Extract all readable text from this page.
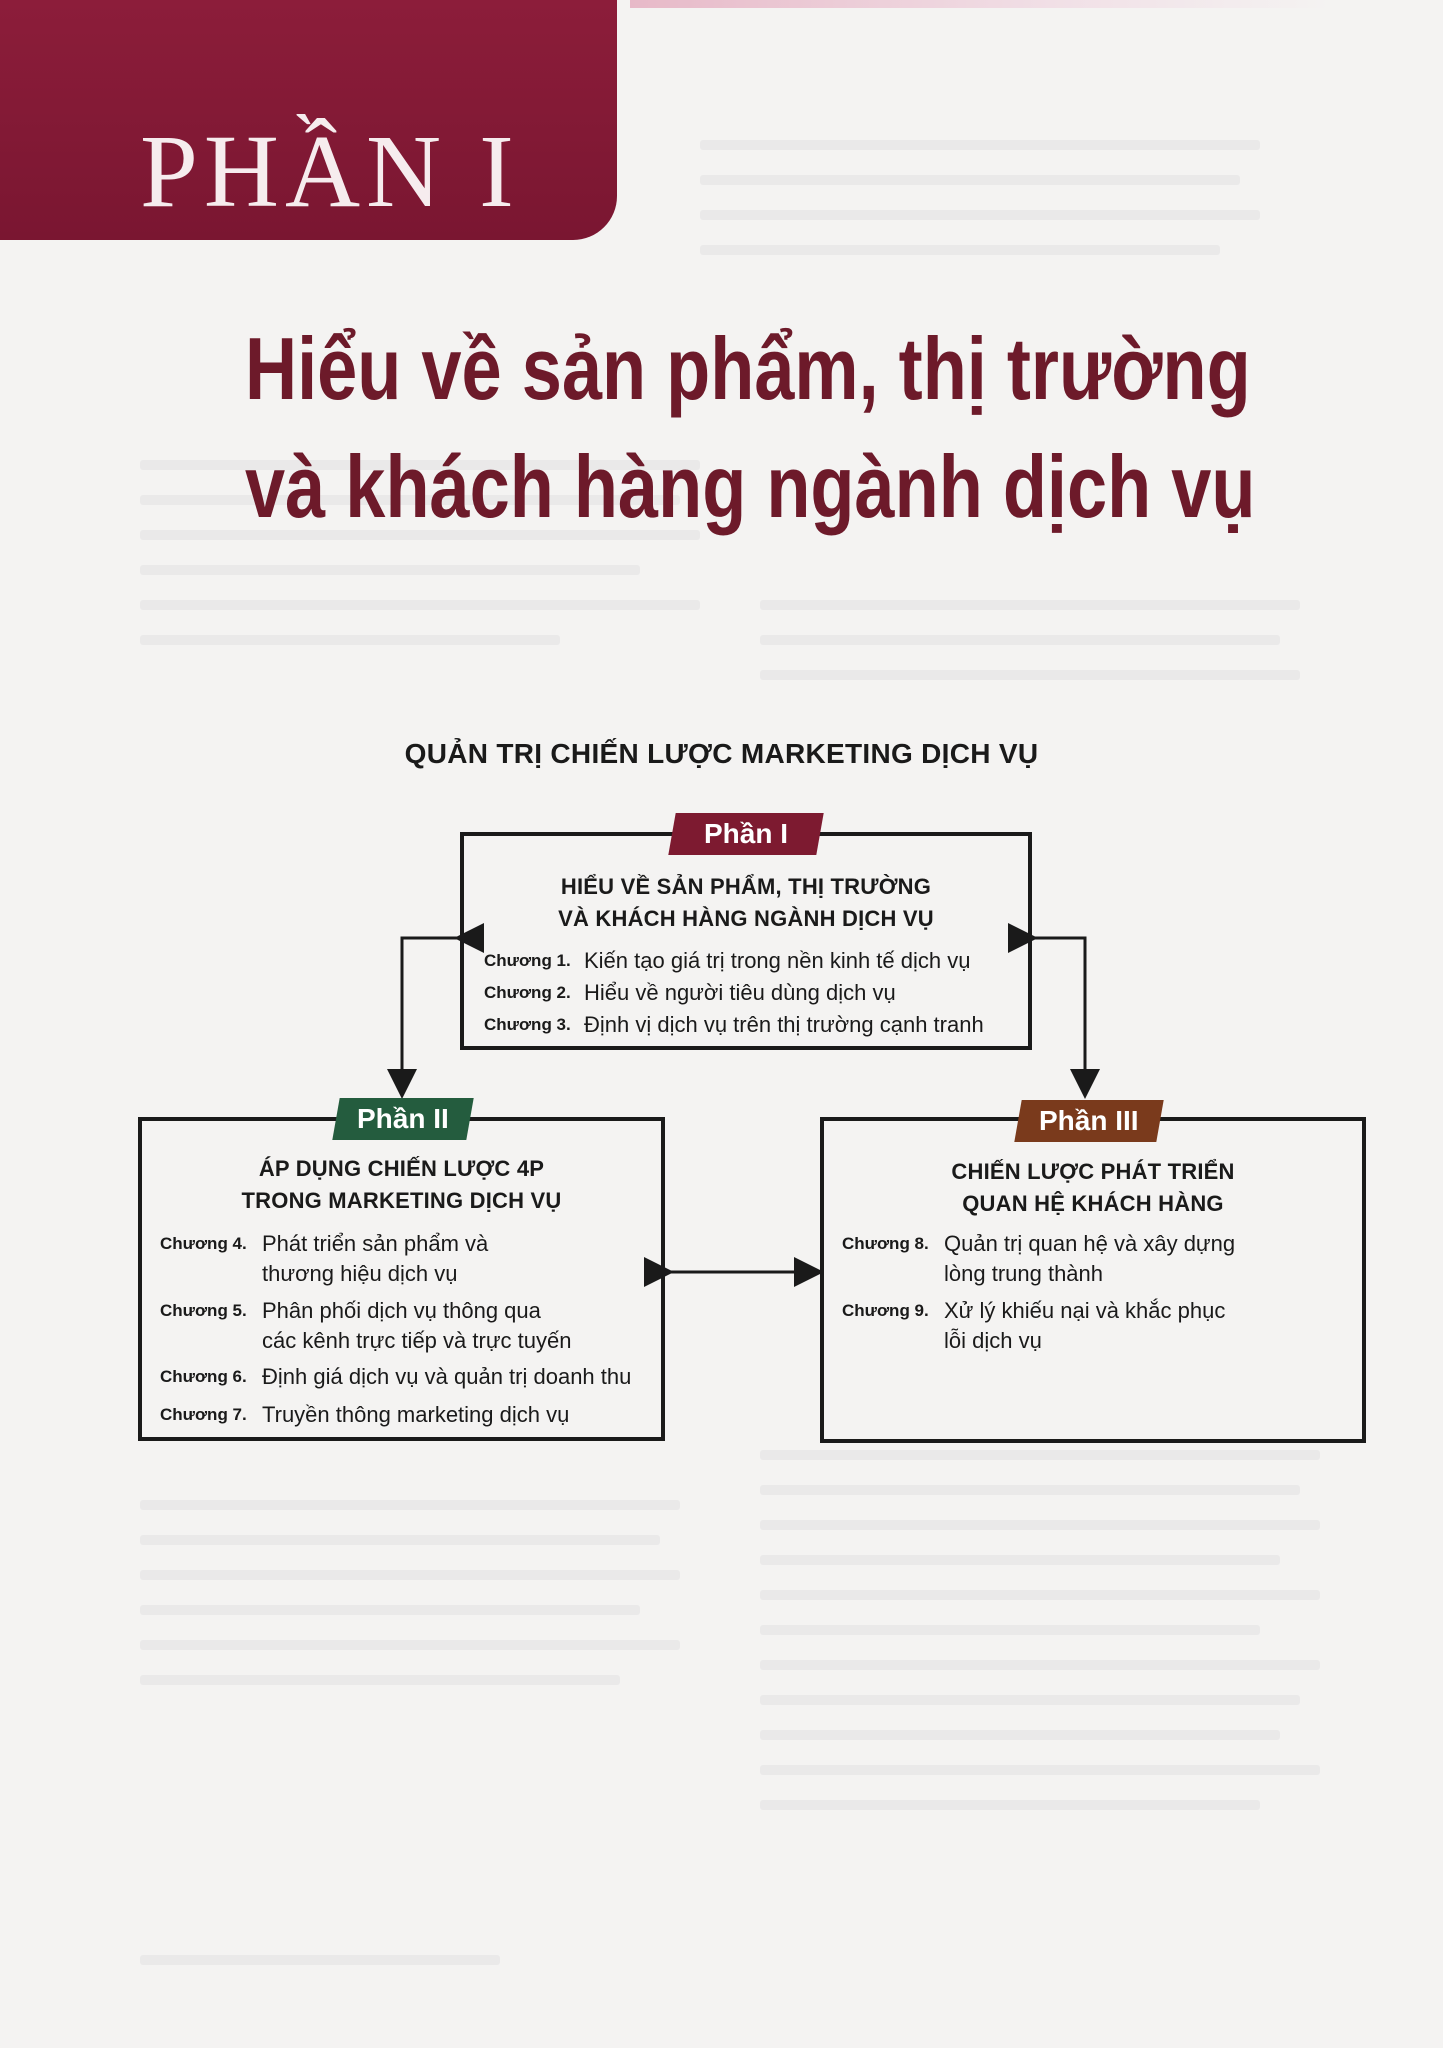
PHẦN I
Hiểu về sản phẩm, thị trường
và khách hàng ngành dịch vụ
QUẢN TRỊ CHIẾN LƯỢC MARKETING DỊCH VỤ
HIỂU VỀ SẢN PHẨM, THỊ TRƯỜNG
VÀ KHÁCH HÀNG NGÀNH DỊCH VỤ
Chương 1. Kiến tạo giá trị trong nền kinh tế dịch vụ
Chương 2. Hiểu về người tiêu dùng dịch vụ
Chương 3. Định vị dịch vụ trên thị trường cạnh tranh
Phần I
ÁP DỤNG CHIẾN LƯỢC 4P
TRONG MARKETING DỊCH VỤ
Chương 4. Phát triển sản phẩm và
thương hiệu dịch vụ
Chương 5. Phân phối dịch vụ thông qua
các kênh trực tiếp và trực tuyến
Chương 6. Định giá dịch vụ và quản trị doanh thu
Chương 7. Truyền thông marketing dịch vụ
Phần II
CHIẾN LƯỢC PHÁT TRIỂN
QUAN HỆ KHÁCH HÀNG
Chương 8. Quản trị quan hệ và xây dựng
lòng trung thành
Chương 9. Xử lý khiếu nại và khắc phục
lỗi dịch vụ
Phần III
